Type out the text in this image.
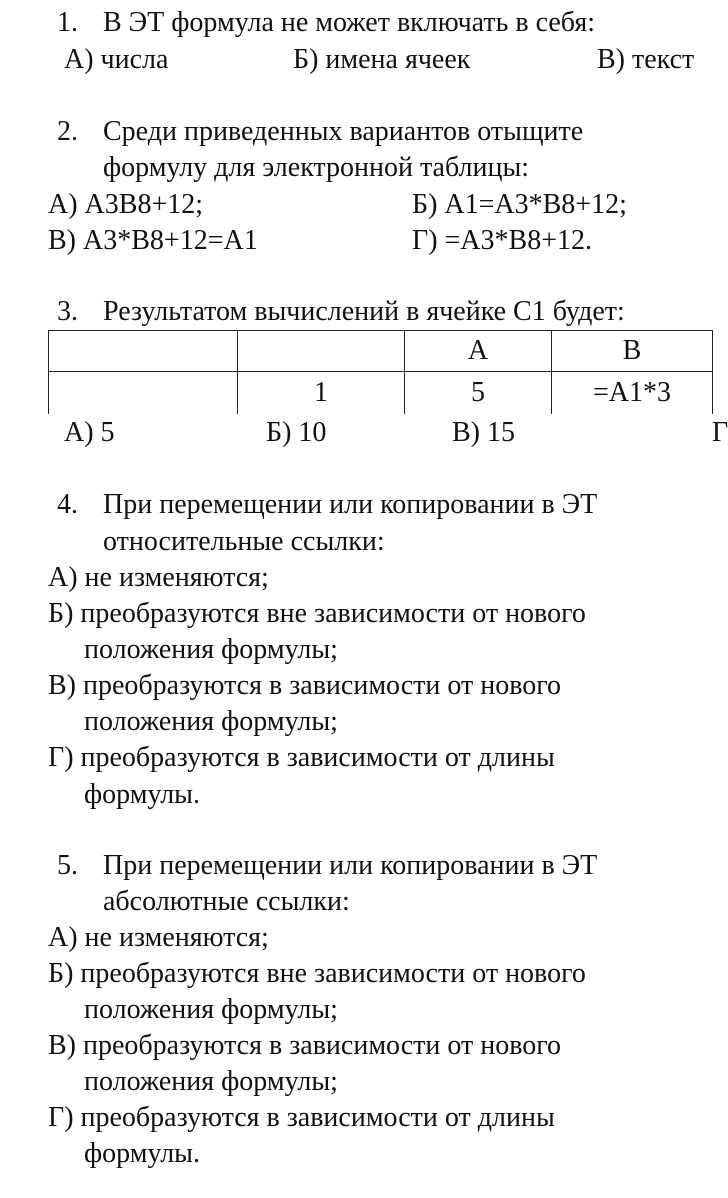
1. В ЭТ формула не может включать в себя:
А) числа	Б) имена ячеек	В) текст
2. Среди приведенных вариантов отыщите
формулу для электронной таблицы:
А) A3B8+12;	Б) A1=A3*B8+12;
В) A3*B8+12=A1	Г) =A3*B8+12.
3. Результатом вычислений в ячейке С1 будет:
		A	B
	1	5	=A1*3
А) 5	Б) 10	В) 15	Г
4. При перемещении или копировании в ЭТ
относительные ссылки:
А) не изменяются;
Б) преобразуются вне зависимости от нового
положения формулы;
В) преобразуются в зависимости от нового
положения формулы;
Г) преобразуются в зависимости от длины
формулы.
5. При перемещении или копировании в ЭТ
абсолютные ссылки:
А) не изменяются;
Б) преобразуются вне зависимости от нового
положения формулы;
В) преобразуются в зависимости от нового
положения формулы;
Г) преобразуются в зависимости от длины
формулы.
